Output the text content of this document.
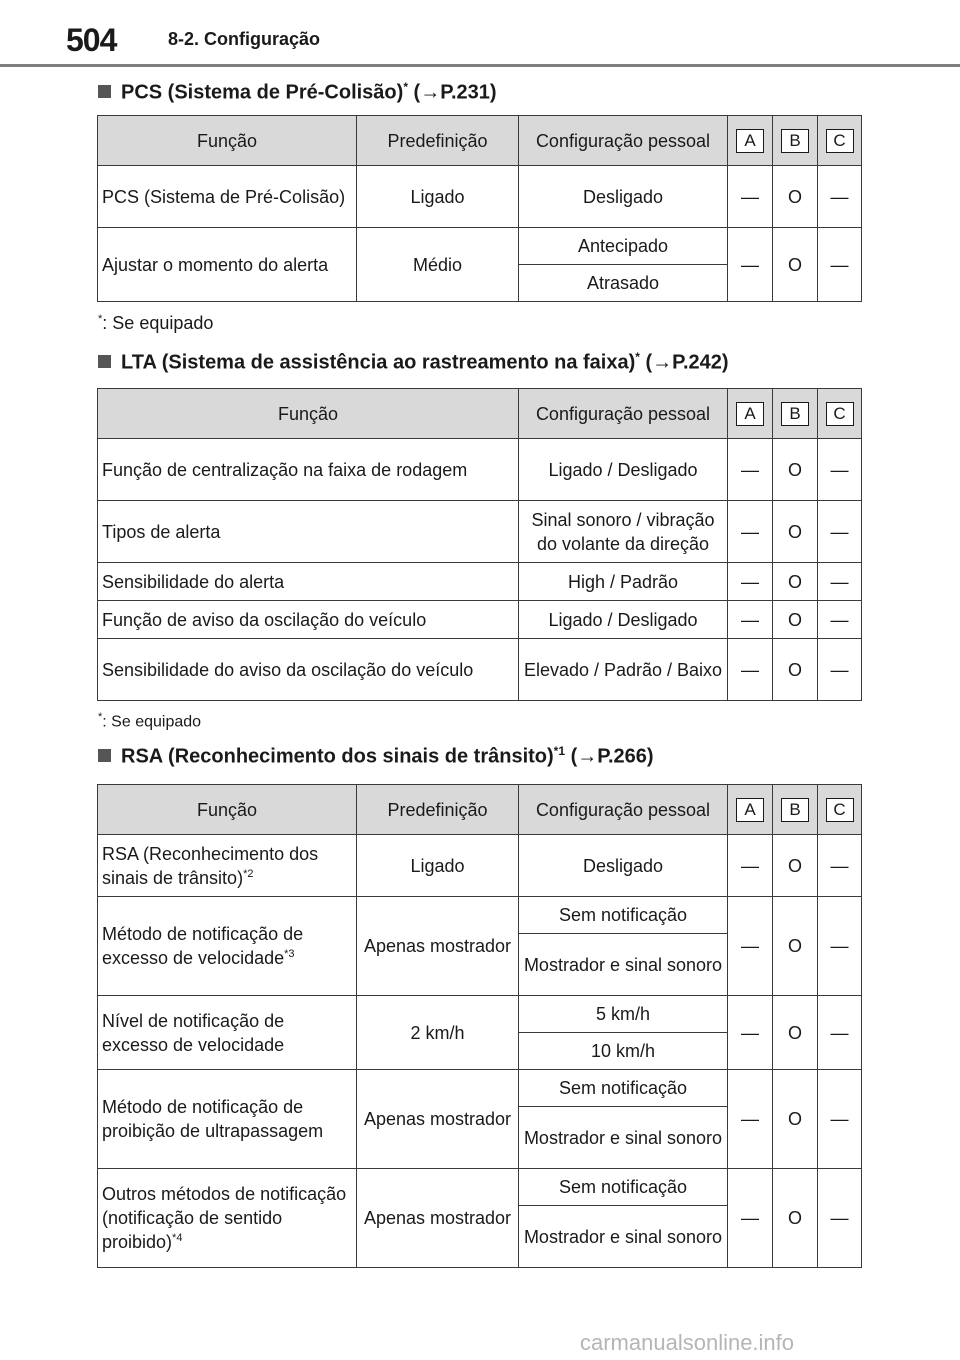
504	8-2. Configuração
PCS (Sistema de Pré-Colisão)* (→P.231)
Função	Predefinição	Configuração pessoal	A	B	C
PCS (Sistema de Pré-Colisão)	Ligado	Desligado	—	O	—
Ajustar o momento do alerta	Médio	Antecipado	—	O	—
		Atrasado			
*: Se equipado
LTA (Sistema de assistência ao rastreamento na faixa)* (→P.242)
Função	Configuração pessoal	A	B	C
Função de centralização na faixa de rodagem	Ligado / Desligado	—	O	—
Tipos de alerta	Sinal sonoro / vibração do volante da direção	—	O	—
Sensibilidade do alerta	High / Padrão	—	O	—
Função de aviso da oscilação do veículo	Ligado / Desligado	—	O	—
Sensibilidade do aviso da oscilação do veículo	Elevado / Padrão / Baixo	—	O	—
*: Se equipado
RSA (Reconhecimento dos sinais de trânsito)$^{*1}$ (→P.266)
Função	Predefinição	Configuração pessoal	A	B	C
RSA (Reconhecimento dos sinais de trânsito)$^{*2}$	Ligado	Desligado	—	O	—
Método de notificação de excesso de velocidade$^{*3}$	Apenas mostrador	Sem notificação	—	O	—
		Mostrador e sinal sonoro			
Nível de notificação de excesso de velocidade	2 km/h	5 km/h	—	O	—
		10 km/h			
Método de notificação de proibição de ultrapassagem	Apenas mostrador	Sem notificação	—	O	—
		Mostrador e sinal sonoro			
Outros métodos de notificação (notificação de sentido proibido)$^{*4}$	Apenas mostrador	Sem notificação	—	O	—
		Mostrador e sinal sonoro			
carmanualsonline.info
